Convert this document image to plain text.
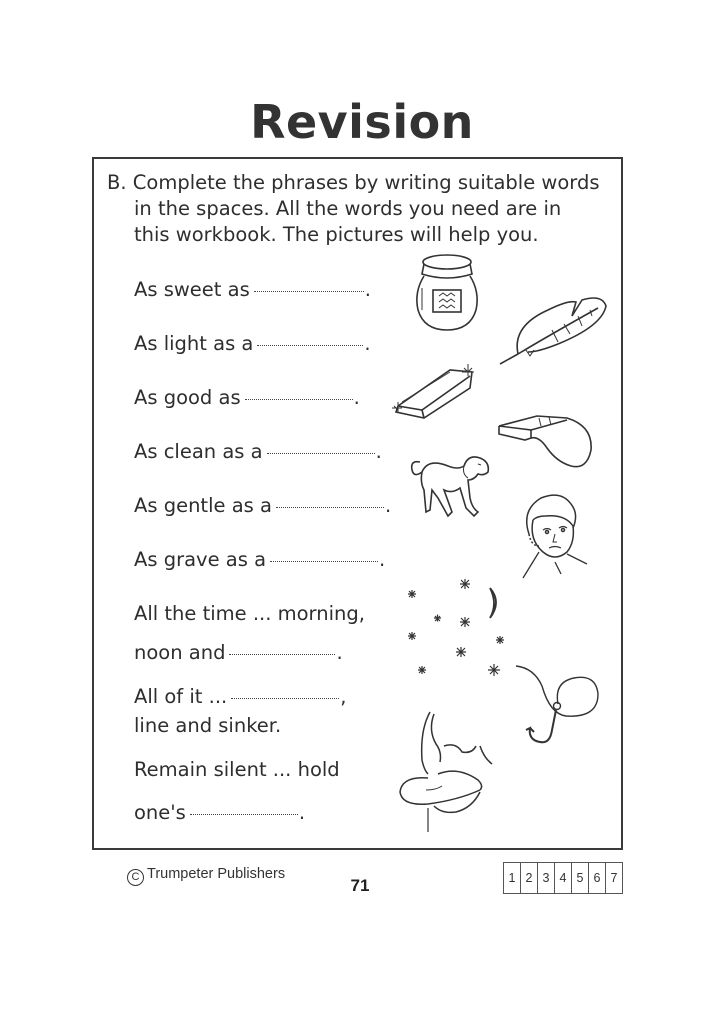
Revision
B. Complete the phrases by writing suitable words
in the spaces. All the words you need are in
this workbook. The pictures will help you.
As sweet as	.
As light as a	.
As good as	.
As clean as a	.
As gentle as a	.
As grave as a	.
All the time ... morning,
noon and	.
All of it ...	,
line and sinker.
Remain silent ... hold
one's	.
C Trumpeter Publishers
71	1 2 3 4 5 6 7
